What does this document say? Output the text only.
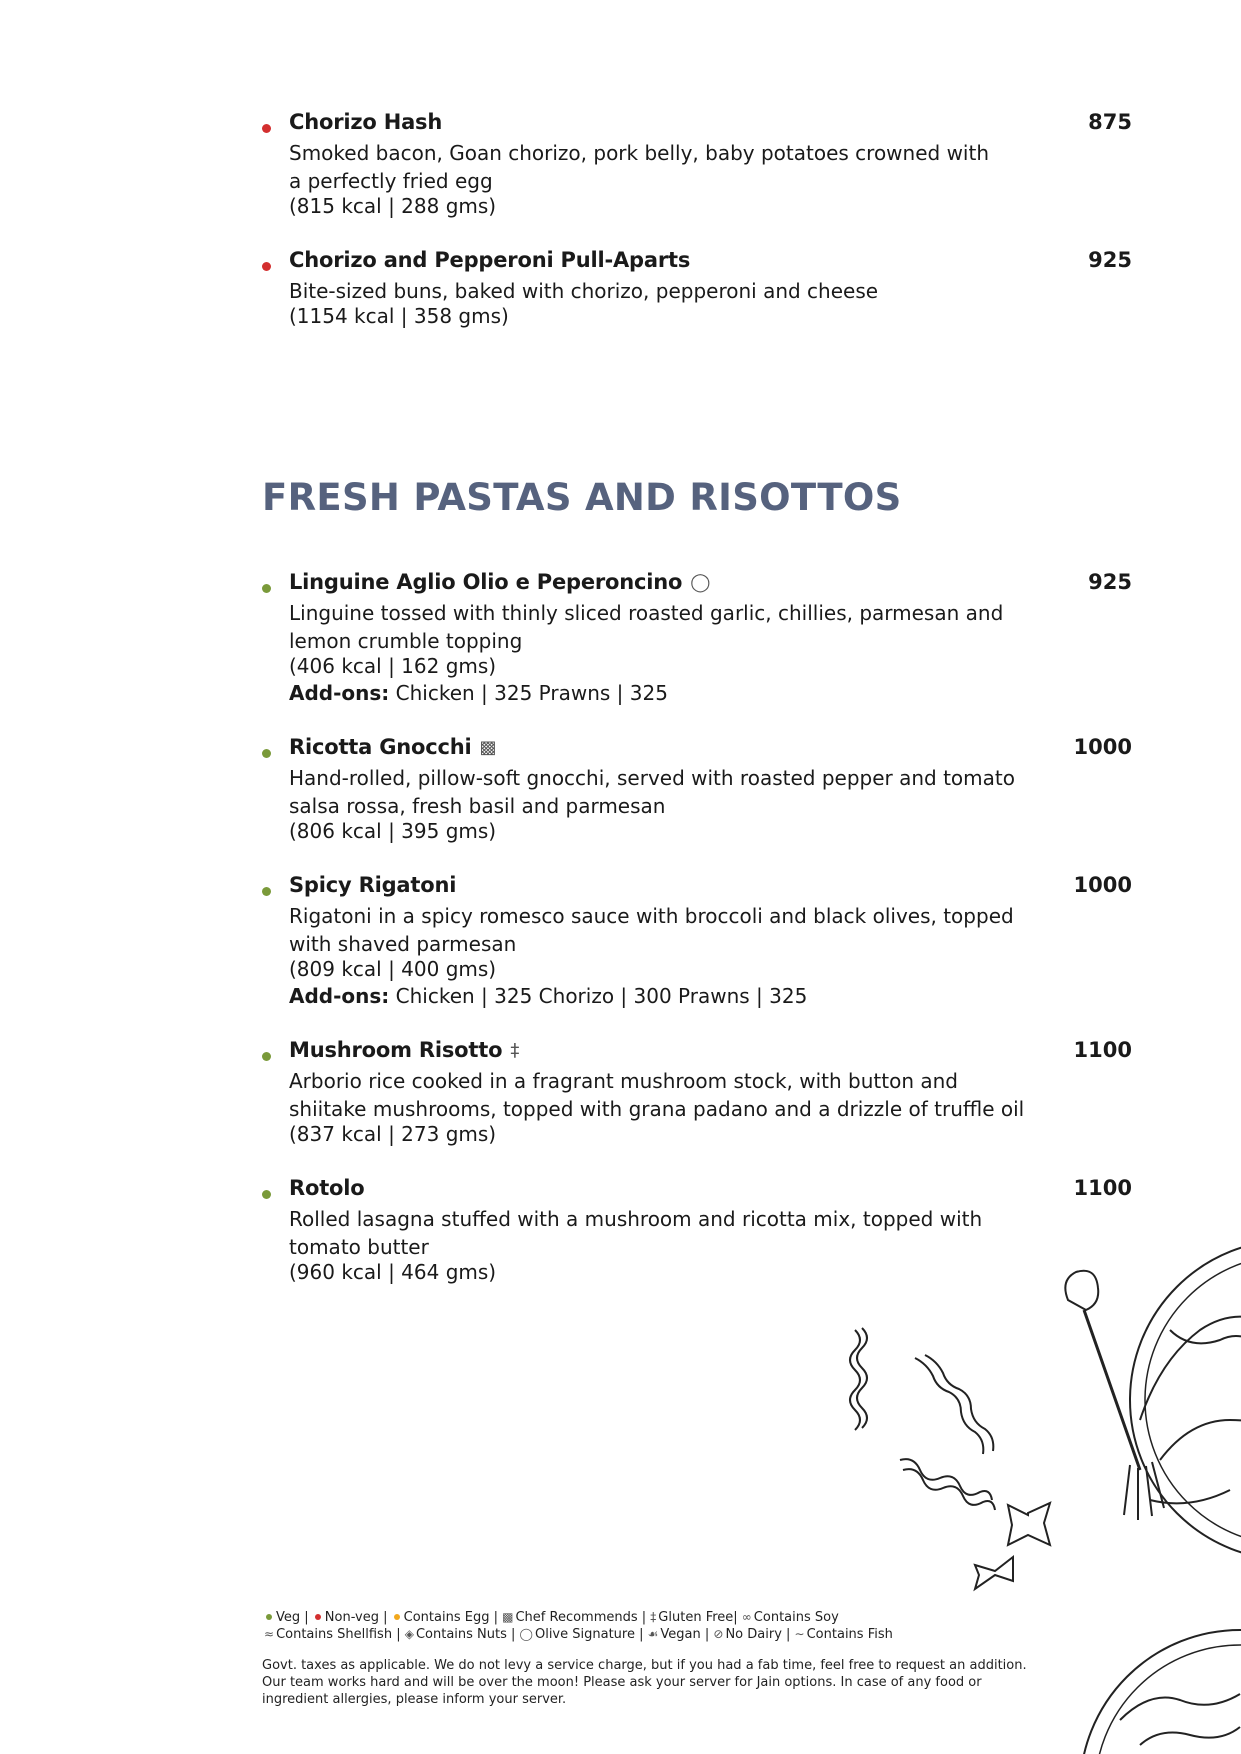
Chorizo Hash	875
Smoked bacon, Goan chorizo, pork belly, baby potatoes crowned with
a perfectly fried egg
(815 kcal | 288 gms)
Chorizo and Pepperoni Pull-Aparts	925
Bite-sized buns, baked with chorizo, pepperoni and cheese
(1154 kcal | 358 gms)
FRESH PASTAS AND RISOTTOS
Linguine Aglio Olio e Peperoncino ◯	925
Linguine tossed with thinly sliced roasted garlic, chillies, parmesan and
lemon crumble topping
(406 kcal | 162 gms)
Add-ons: Chicken | 325 Prawns | 325
Ricotta Gnocchi ▩	1000
Hand-rolled, pillow-soft gnocchi, served with roasted pepper and tomato
salsa rossa, fresh basil and parmesan
(806 kcal | 395 gms)
Spicy Rigatoni	1000
Rigatoni in a spicy romesco sauce with broccoli and black olives, topped
with shaved parmesan
(809 kcal | 400 gms)
Add-ons: Chicken | 325 Chorizo | 300 Prawns | 325
Mushroom Risotto ‡	1100
Arborio rice cooked in a fragrant mushroom stock, with button and
shiitake mushrooms, topped with grana padano and a drizzle of truffle oil
(837 kcal | 273 gms)
Rotolo	1100
Rolled lasagna stuffed with a mushroom and ricotta mix, topped with
tomato butter
(960 kcal | 464 gms)
Veg | Non-veg | Contains Egg | ▩ Chef Recommends | ‡ Gluten Free| ∞ Contains Soy
≈ Contains Shellfish | ◈ Contains Nuts | ◯ Olive Signature | ☙ Vegan | ⊘ No Dairy | ∼ Contains Fish
Govt. taxes as applicable. We do not levy a service charge, but if you had a fab time, feel free to request an addition. Our team works hard and will be over the moon! Please ask your server for Jain options. In case of any food or ingredient allergies, please inform your server.
